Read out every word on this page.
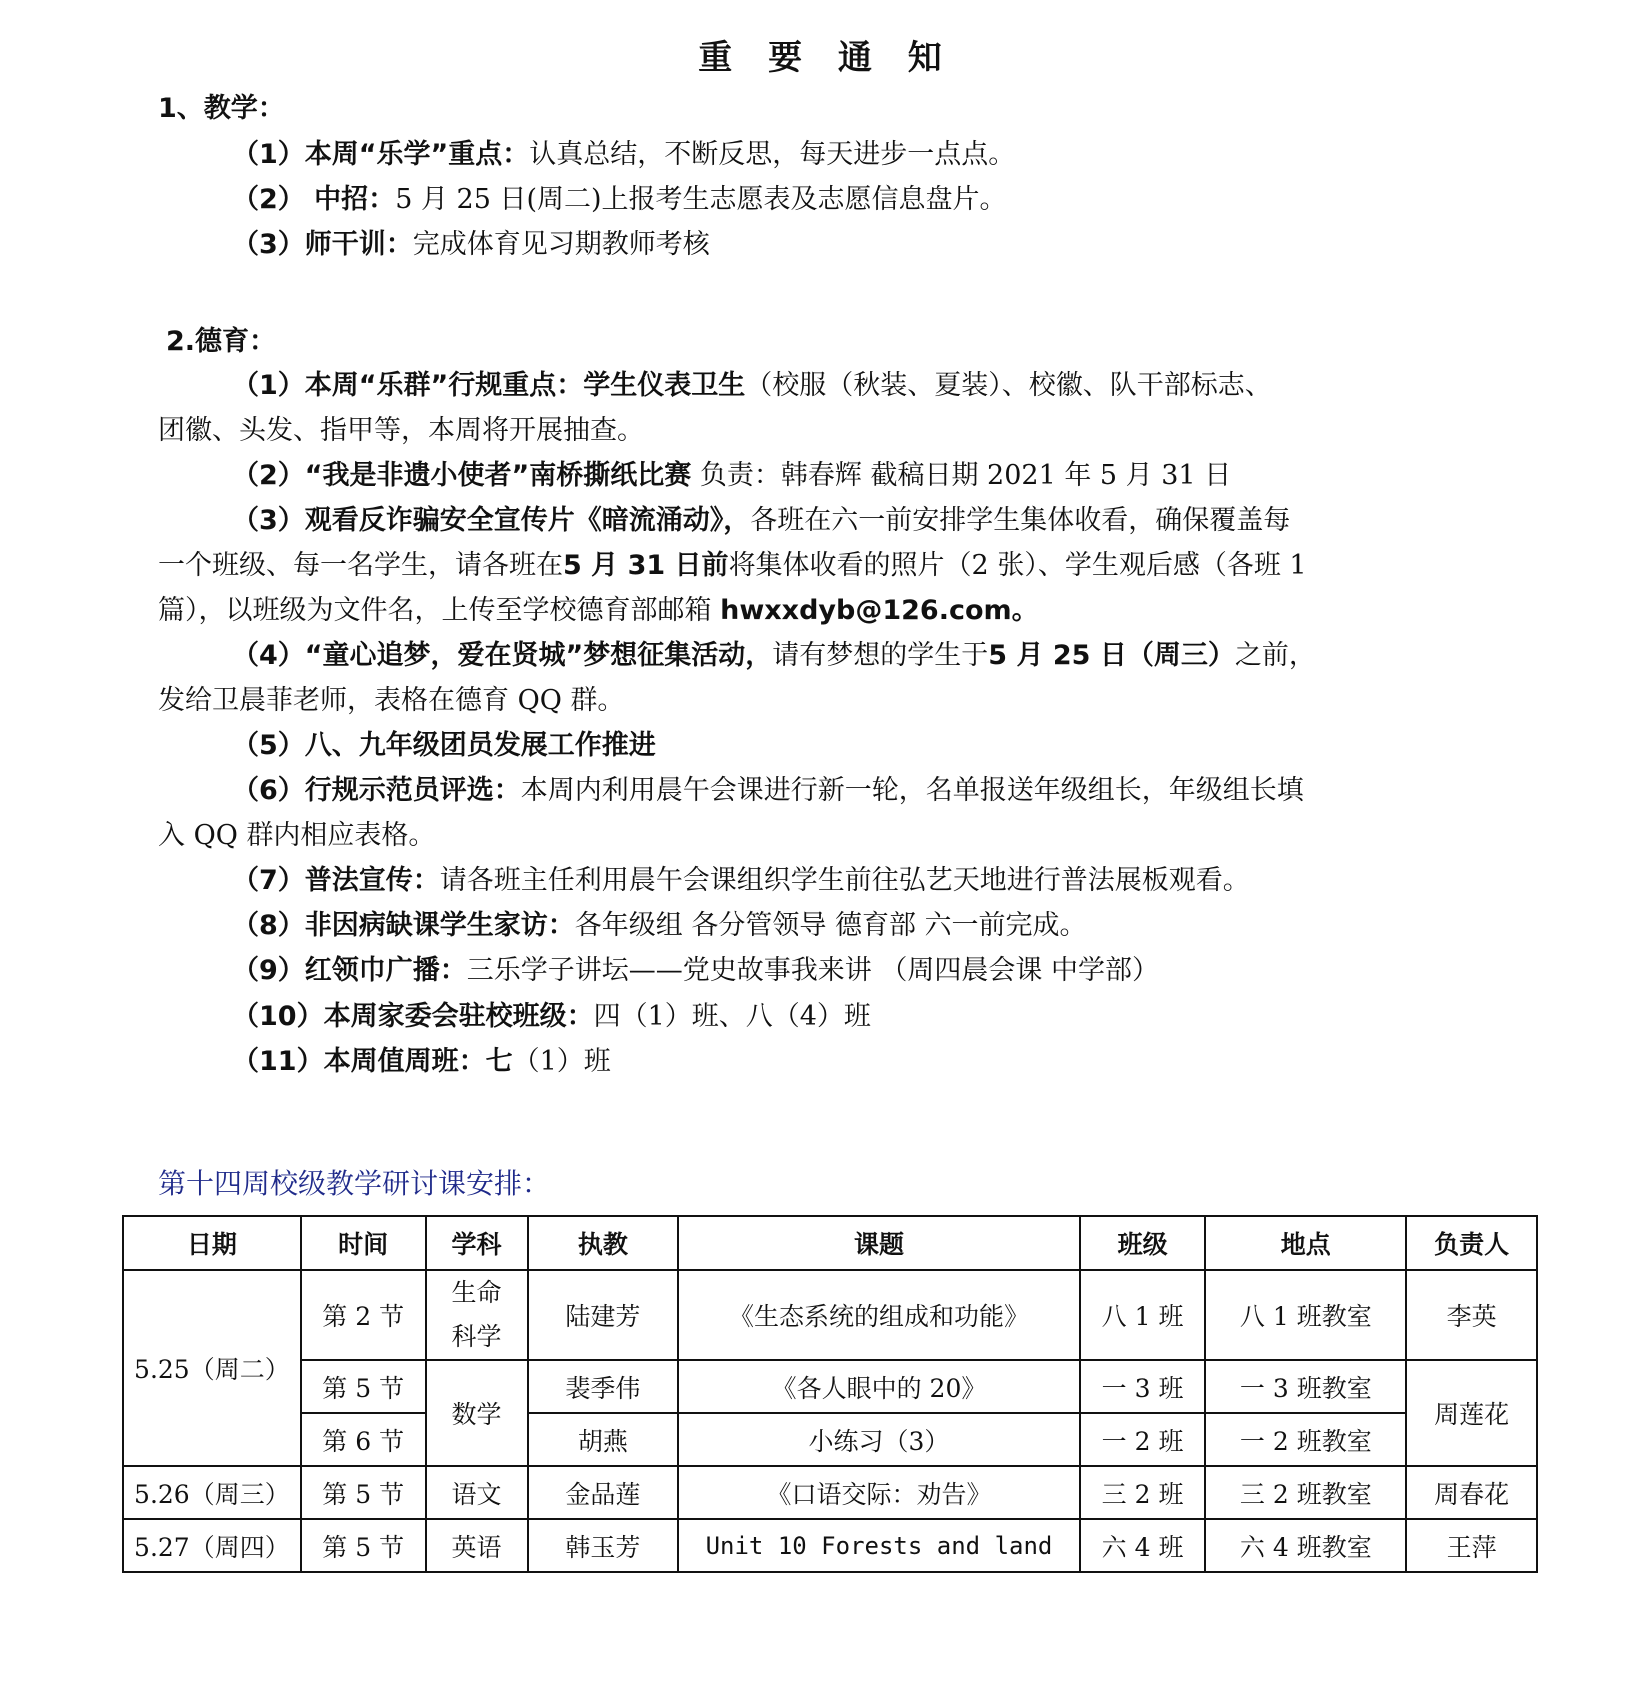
重 要 通 知
1、教学：
（1）本周“乐学”重点：认真总结，不断反思，每天进步一点点。
（2） 中招：5 月 25 日(周二)上报考生志愿表及志愿信息盘片。
（3）师干训：完成体育见习期教师考核
2.德育：
（1）本周“乐群”行规重点：学生仪表卫生（校服（秋装、夏装）、校徽、队干部标志、
团徽、头发、指甲等，本周将开展抽查。
（2）“我是非遗小使者”南桥撕纸比赛 负责：韩春辉 截稿日期 2021 年 5 月 31 日
（3）观看反诈骗安全宣传片《暗流涌动》，各班在六一前安排学生集体收看，确保覆盖每
一个班级、每一名学生，请各班在5 月 31 日前将集体收看的照片（2 张）、学生观后感（各班 1
篇），以班级为文件名，上传至学校德育部邮箱 hwxxdyb@126.com。
（4）“童心追梦，爱在贤城”梦想征集活动，请有梦想的学生于5 月 25 日（周三）之前，
发给卫晨菲老师，表格在德育 QQ 群。
（5）八、九年级团员发展工作推进
（6）行规示范员评选：本周内利用晨午会课进行新一轮，名单报送年级组长，年级组长填
入 QQ 群内相应表格。
（7）普法宣传：请各班主任利用晨午会课组织学生前往弘艺天地进行普法展板观看。
（8）非因病缺课学生家访：各年级组 各分管领导 德育部 六一前完成。
（9）红领巾广播：三乐学子讲坛——党史故事我来讲 （周四晨会课 中学部）
（10）本周家委会驻校班级：四（1）班、八（4）班
（11）本周值周班：七（1）班
第十四周校级教学研讨课安排：
日期	时间	学科	执教	课题	班级	地点	负责人
5.25（周二）	第 2 节	生命科学	陆建芳	《生态系统的组成和功能》	八 1 班	八 1 班教室	李英
	第 5 节	数学	裴季伟	《各人眼中的 20》	一 3 班	一 3 班教室	周莲花
	第 6 节		胡燕	小练习（3）	一 2 班	一 2 班教室	
5.26（周三）	第 5 节	语文	金品莲	《口语交际：劝告》	三 2 班	三 2 班教室	周春花
5.27（周四）	第 5 节	英语	韩玉芳	Unit 10 Forests and land	六 4 班	六 4 班教室	王萍
